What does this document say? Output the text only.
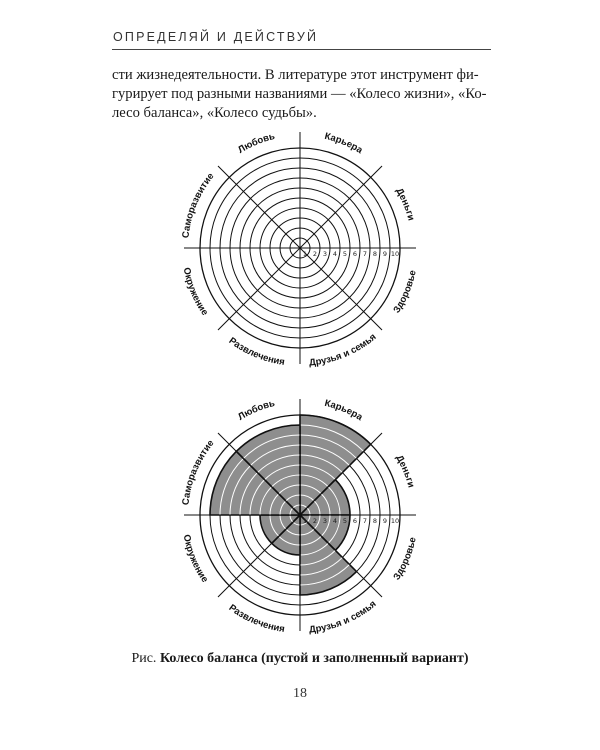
ОПРЕДЕЛЯЙ И ДЕЙСТВУЙ
сти жизнедеятельности. В литературе этот инструмент фи-
гурирует под разными названиями — «Колесо жизни», «Ко-
лесо баланса», «Колесо судьбы».
1 2 3 4 5 6 7 8 9 10
Карьера
Деньги
Здоровье
Друзья и семья
Развлечения
Окружение
Саморазвитие
Любовь
1 2 3 4 5 6 7 8 9 10
Карьера
Деньги
Здоровье
Друзья и семья
Развлечения
Окружение
Саморазвитие
Любовь
Рис. Колесо баланса (пустой и заполненный вариант)
18
